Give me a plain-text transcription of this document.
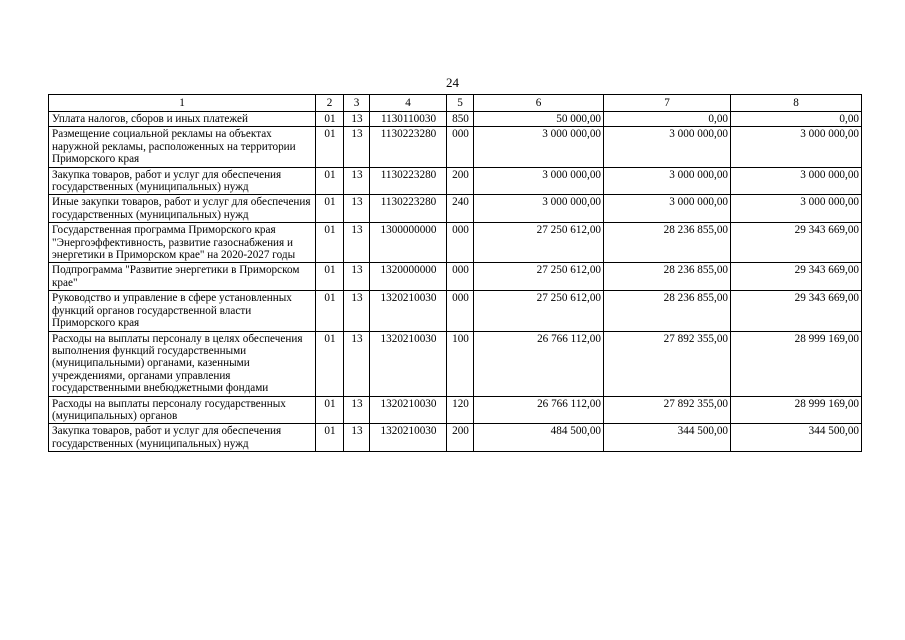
24
1	2	3	4	5	6	7	8
Уплата налогов, сборов и иных платежей	01	13	1130110030	850	50 000,00	0,00	0,00
Размещение социальной рекламы на объектах наружной рекламы, расположенных на территории Приморского края	01	13	1130223280	000	3 000 000,00	3 000 000,00	3 000 000,00
Закупка товаров, работ и услуг для обеспечения государственных (муниципальных) нужд	01	13	1130223280	200	3 000 000,00	3 000 000,00	3 000 000,00
Иные закупки товаров, работ и услуг для обеспечения государственных (муниципальных) нужд	01	13	1130223280	240	3 000 000,00	3 000 000,00	3 000 000,00
Государственная программа Приморского края "Энергоэффективность, развитие газоснабжения и энергетики в Приморском крае" на 2020-2027 годы	01	13	1300000000	000	27 250 612,00	28 236 855,00	29 343 669,00
Подпрограмма "Развитие энергетики в Приморском крае"	01	13	1320000000	000	27 250 612,00	28 236 855,00	29 343 669,00
Руководство и управление в сфере установленных функций органов государственной власти Приморского края	01	13	1320210030	000	27 250 612,00	28 236 855,00	29 343 669,00
Расходы на выплаты персоналу в целях обеспечения выполнения функций государственными (муниципальными) органами, казенными учреждениями, органами управления государственными внебюджетными фондами	01	13	1320210030	100	26 766 112,00	27 892 355,00	28 999 169,00
Расходы на выплаты персоналу государственных (муниципальных) органов	01	13	1320210030	120	26 766 112,00	27 892 355,00	28 999 169,00
Закупка товаров, работ и услуг для обеспечения государственных (муниципальных) нужд	01	13	1320210030	200	484 500,00	344 500,00	344 500,00
